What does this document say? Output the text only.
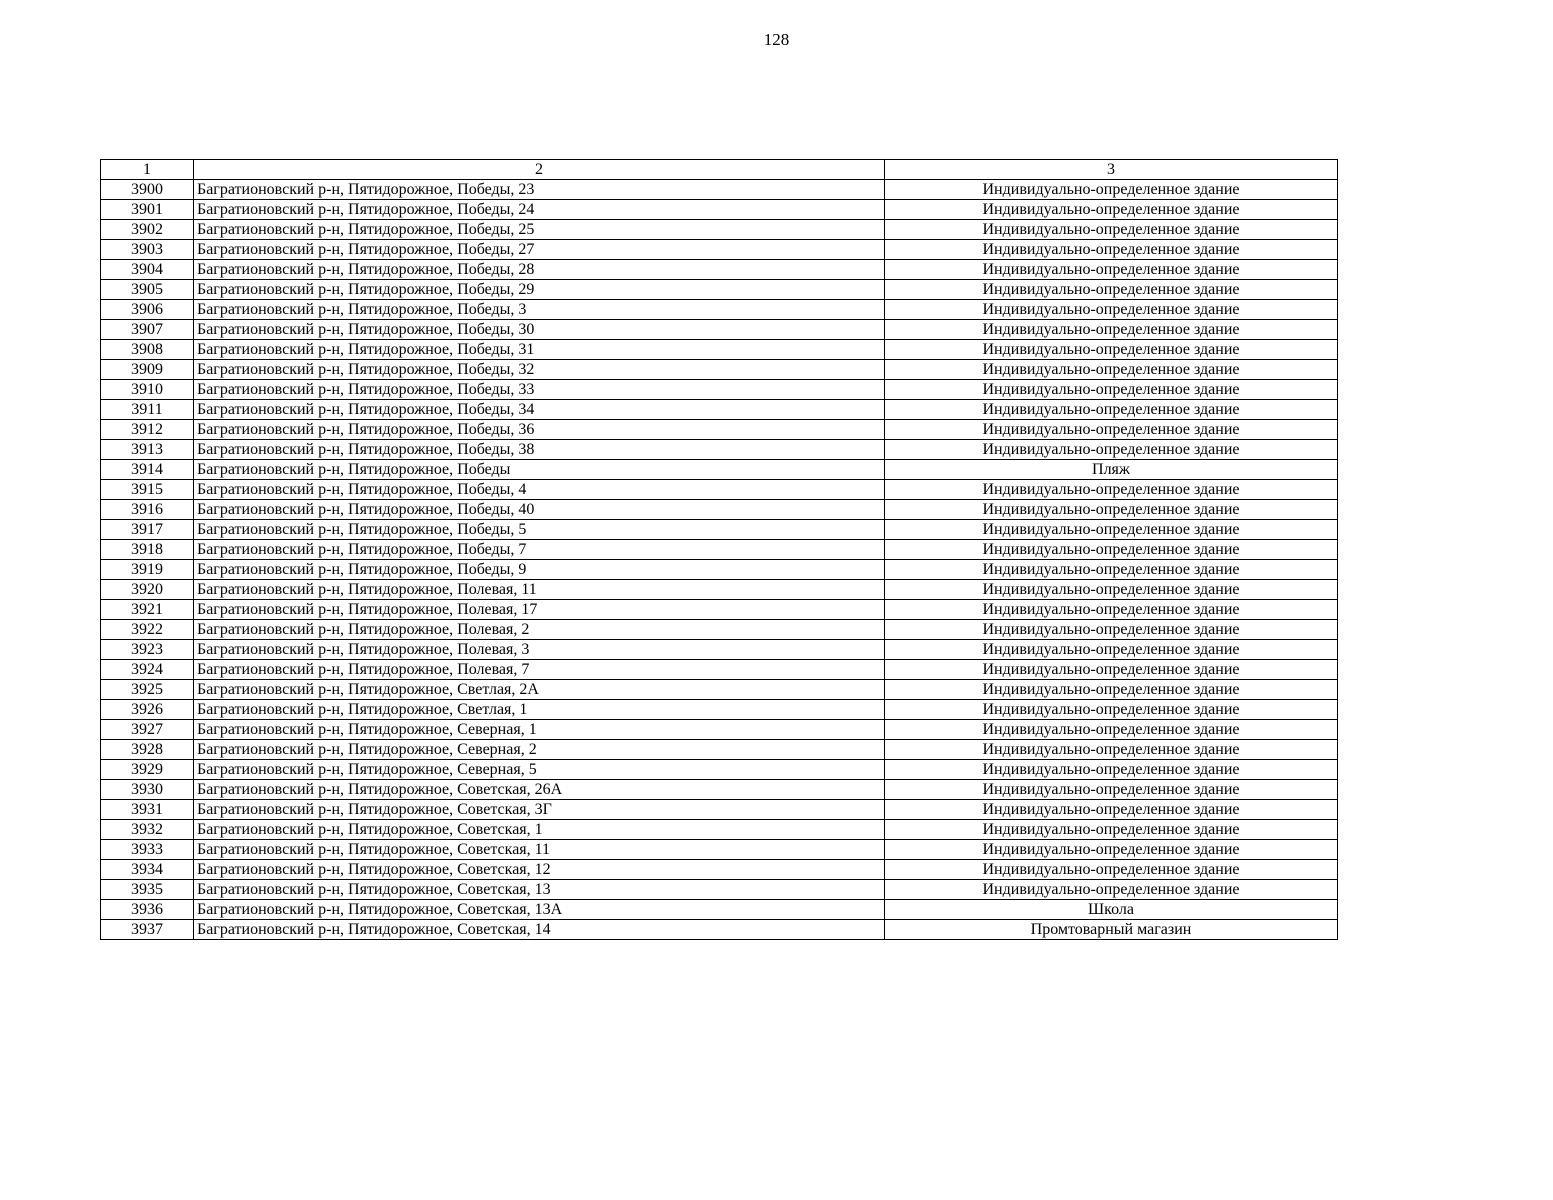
128
1	2	3
3900	Багратионовский р-н, Пятидорожное, Победы, 23	Индивидуально-определенное здание
3901	Багратионовский р-н, Пятидорожное, Победы, 24	Индивидуально-определенное здание
3902	Багратионовский р-н, Пятидорожное, Победы, 25	Индивидуально-определенное здание
3903	Багратионовский р-н, Пятидорожное, Победы, 27	Индивидуально-определенное здание
3904	Багратионовский р-н, Пятидорожное, Победы, 28	Индивидуально-определенное здание
3905	Багратионовский р-н, Пятидорожное, Победы, 29	Индивидуально-определенное здание
3906	Багратионовский р-н, Пятидорожное, Победы, 3	Индивидуально-определенное здание
3907	Багратионовский р-н, Пятидорожное, Победы, 30	Индивидуально-определенное здание
3908	Багратионовский р-н, Пятидорожное, Победы, 31	Индивидуально-определенное здание
3909	Багратионовский р-н, Пятидорожное, Победы, 32	Индивидуально-определенное здание
3910	Багратионовский р-н, Пятидорожное, Победы, 33	Индивидуально-определенное здание
3911	Багратионовский р-н, Пятидорожное, Победы, 34	Индивидуально-определенное здание
3912	Багратионовский р-н, Пятидорожное, Победы, 36	Индивидуально-определенное здание
3913	Багратионовский р-н, Пятидорожное, Победы, 38	Индивидуально-определенное здание
3914	Багратионовский р-н, Пятидорожное, Победы	Пляж
3915	Багратионовский р-н, Пятидорожное, Победы, 4	Индивидуально-определенное здание
3916	Багратионовский р-н, Пятидорожное, Победы, 40	Индивидуально-определенное здание
3917	Багратионовский р-н, Пятидорожное, Победы, 5	Индивидуально-определенное здание
3918	Багратионовский р-н, Пятидорожное, Победы, 7	Индивидуально-определенное здание
3919	Багратионовский р-н, Пятидорожное, Победы, 9	Индивидуально-определенное здание
3920	Багратионовский р-н, Пятидорожное, Полевая, 11	Индивидуально-определенное здание
3921	Багратионовский р-н, Пятидорожное, Полевая, 17	Индивидуально-определенное здание
3922	Багратионовский р-н, Пятидорожное, Полевая, 2	Индивидуально-определенное здание
3923	Багратионовский р-н, Пятидорожное, Полевая, 3	Индивидуально-определенное здание
3924	Багратионовский р-н, Пятидорожное, Полевая, 7	Индивидуально-определенное здание
3925	Багратионовский р-н, Пятидорожное, Светлая, 2А	Индивидуально-определенное здание
3926	Багратионовский р-н, Пятидорожное, Светлая, 1	Индивидуально-определенное здание
3927	Багратионовский р-н, Пятидорожное, Северная, 1	Индивидуально-определенное здание
3928	Багратионовский р-н, Пятидорожное, Северная, 2	Индивидуально-определенное здание
3929	Багратионовский р-н, Пятидорожное, Северная, 5	Индивидуально-определенное здание
3930	Багратионовский р-н, Пятидорожное, Советская, 26А	Индивидуально-определенное здание
3931	Багратионовский р-н, Пятидорожное, Советская, 3Г	Индивидуально-определенное здание
3932	Багратионовский р-н, Пятидорожное, Советская, 1	Индивидуально-определенное здание
3933	Багратионовский р-н, Пятидорожное, Советская, 11	Индивидуально-определенное здание
3934	Багратионовский р-н, Пятидорожное, Советская, 12	Индивидуально-определенное здание
3935	Багратионовский р-н, Пятидорожное, Советская, 13	Индивидуально-определенное здание
3936	Багратионовский р-н, Пятидорожное, Советская, 13А	Школа
3937	Багратионовский р-н, Пятидорожное, Советская, 14	Промтоварный магазин
